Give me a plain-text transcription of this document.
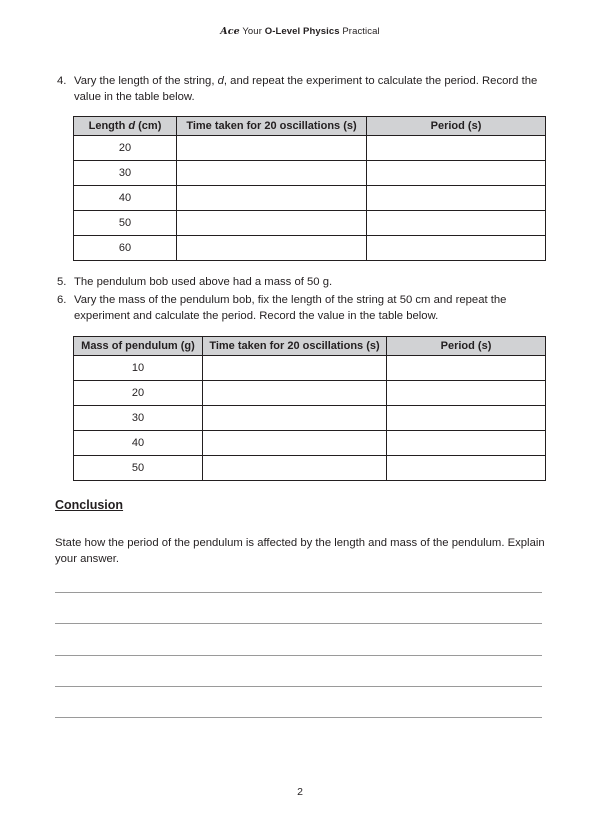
Ace Your O-Level Physics Practical
4. Vary the length of the string, d, and repeat the experiment to calculate the period. Record the value in the table below.
Length d (cm)	Time taken for 20 oscillations (s)	Period (s)
20		
30		
40		
50		
60		
5. The pendulum bob used above had a mass of 50 g.
6. Vary the mass of the pendulum bob, fix the length of the string at 50 cm and repeat the experiment and calculate the period. Record the value in the table below.
Mass of pendulum (g)	Time taken for 20 oscillations (s)	Period (s)
10		
20		
30		
40		
50		
Conclusion
State how the period of the pendulum is affected by the length and mass of the pendulum. Explain your answer.
2
